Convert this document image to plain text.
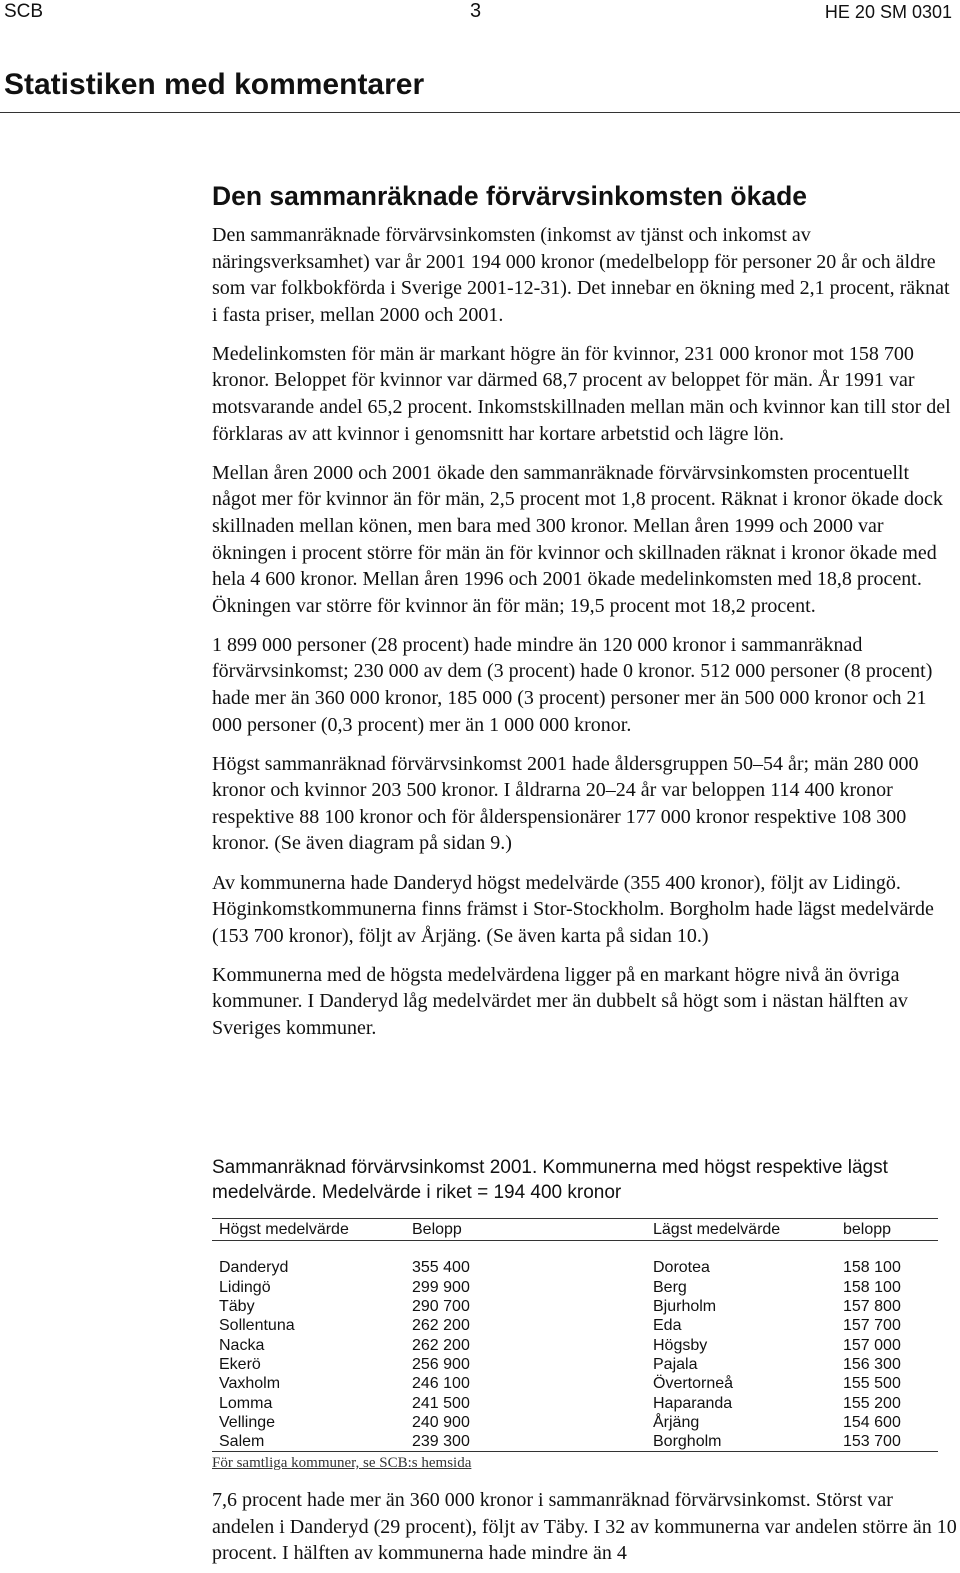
SCB	3	HE 20 SM 0301
Statistiken med kommentarer
Den sammanräknade förvärvsinkomsten ökade

Den sammanräknade förvärvsinkomsten (inkomst av tjänst och inkomst av näringsverksamhet) var år 2001 194 000 kronor (medelbelopp för personer 20 år och äldre som var folkbokförda i Sverige 2001-12-31). Det innebar en ökning med 2,1 procent, räknat i fasta priser, mellan 2000 och 2001.

Medelinkomsten för män är markant högre än för kvinnor, 231 000 kronor mot 158 700 kronor. Beloppet för kvinnor var därmed 68,7 procent av beloppet för män. År 1991 var motsvarande andel 65,2 procent. Inkomstskillnaden mellan män och kvinnor kan till stor del förklaras av att kvinnor i genomsnitt har kortare arbetstid och lägre lön.

Mellan åren 2000 och 2001 ökade den sammanräknade förvärvsinkomsten procentuellt något mer för kvinnor än för män, 2,5 procent mot 1,8 procent. Räknat i kronor ökade dock skillnaden mellan könen, men bara med 300 kronor. Mellan åren 1999 och 2000 var ökningen i procent större för män än för kvinnor och skillnaden räknat i kronor ökade med hela 4 600 kronor. Mellan åren 1996 och 2001 ökade medelinkomsten med 18,8 procent. Ökningen var större för kvinnor än för män; 19,5 procent mot 18,2 procent.

1 899 000 personer (28 procent) hade mindre än 120 000 kronor i sammanräknad förvärvsinkomst; 230 000 av dem (3 procent) hade 0 kronor. 512 000 personer (8 procent) hade mer än 360 000 kronor, 185 000 (3 procent) personer mer än 500 000 kronor och 21 000 personer (0,3 procent) mer än 1 000 000 kronor.

Högst sammanräknad förvärvsinkomst 2001 hade åldersgruppen 50–54 år; män 280 000 kronor och kvinnor 203 500 kronor. I åldrarna 20–24 år var beloppen 114 400 kronor respektive 88 100 kronor och för ålderspensionärer 177 000 kronor respektive 108 300 kronor. (Se även diagram på sidan 9.)

Av kommunerna hade Danderyd högst medelvärde (355 400 kronor), följt av Lidingö. Höginkomstkommunerna finns främst i Stor-Stockholm. Borgholm hade lägst medelvärde (153 700 kronor), följt av Årjäng. (Se även karta på sidan 10.)

Kommunerna med de högsta medelvärdena ligger på en markant högre nivå än övriga kommuner. I Danderyd låg medelvärdet mer än dubbelt så högt som i nästan hälften av Sveriges kommuner.

Sammanräknad förvärvsinkomst 2001. Kommunerna med högst respektive lägst medelvärde. Medelvärde i riket = 194 400 kronor

Högst medelvärde	Belopp	Lägst medelvärde	belopp

Danderyd	355 400	Dorotea	158 100
Lidingö	299 900	Berg	158 100
Täby	290 700	Bjurholm	157 800
Sollentuna	262 200	Eda	157 700
Nacka	262 200	Högsby	157 000
Ekerö	256 900	Pajala	156 300
Vaxholm	246 100	Övertorneå	155 500
Lomma	241 500	Haparanda	155 200
Vellinge	240 900	Årjäng	154 600
Salem	239 300	Borgholm	153 700

För samtliga kommuner, se SCB:s hemsida

7,6 procent hade mer än 360 000 kronor i sammanräknad förvärvsinkomst. Störst var andelen i Danderyd (29 procent), följt av Täby. I 32 av kommunerna var andelen större än 10 procent. I hälften av kommunerna hade mindre än 4
